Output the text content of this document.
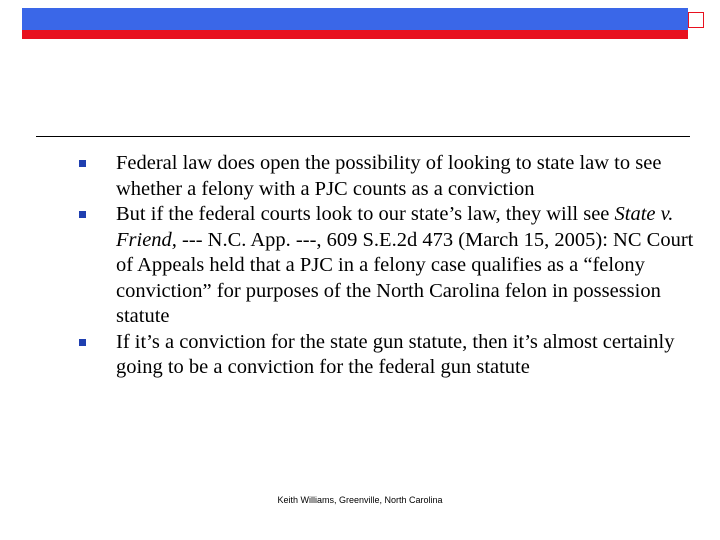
Federal law does open the possibility of looking to state law to see whether a felony with a PJC counts as a conviction
But if the federal courts look to our state’s law, they will see State v. Friend, --- N.C. App. ---, 609 S.E.2d 473 (March 15, 2005): NC Court of Appeals held that a PJC in a felony case qualifies as a “felony conviction” for purposes of the North Carolina felon in possession statute
If it’s a conviction for the state gun statute, then it’s almost certainly going to be a conviction for the federal gun statute
Keith Williams, Greenville, North Carolina
